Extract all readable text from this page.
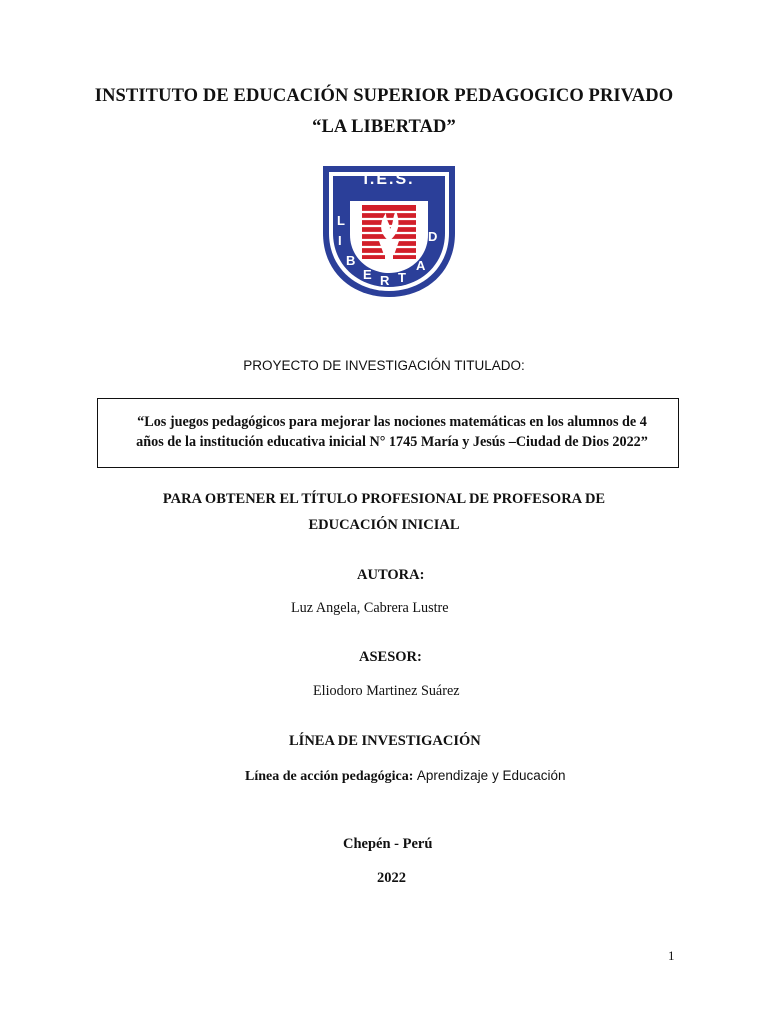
INSTITUTO DE EDUCACIÓN SUPERIOR PEDAGOGICO PRIVADO
“LA LIBERTAD”
I.E.S.
L
I
B
E R T
A
D
PROYECTO DE INVESTIGACIÓN TITULADO:
“Los juegos pedagógicos para mejorar las nociones matemáticas en los alumnos de 4
años de la institución educativa inicial N° 1745 María y Jesús –Ciudad de Dios 2022”
PARA OBTENER EL TÍTULO PROFESIONAL DE PROFESORA DE
EDUCACIÓN INICIAL
AUTORA:
Luz Angela, Cabrera Lustre
ASESOR:
Eliodoro Martinez Suárez
LÍNEA DE INVESTIGACIÓN
Línea de acción pedagógica: Aprendizaje y Educación
Chepén - Perú
2022
1
